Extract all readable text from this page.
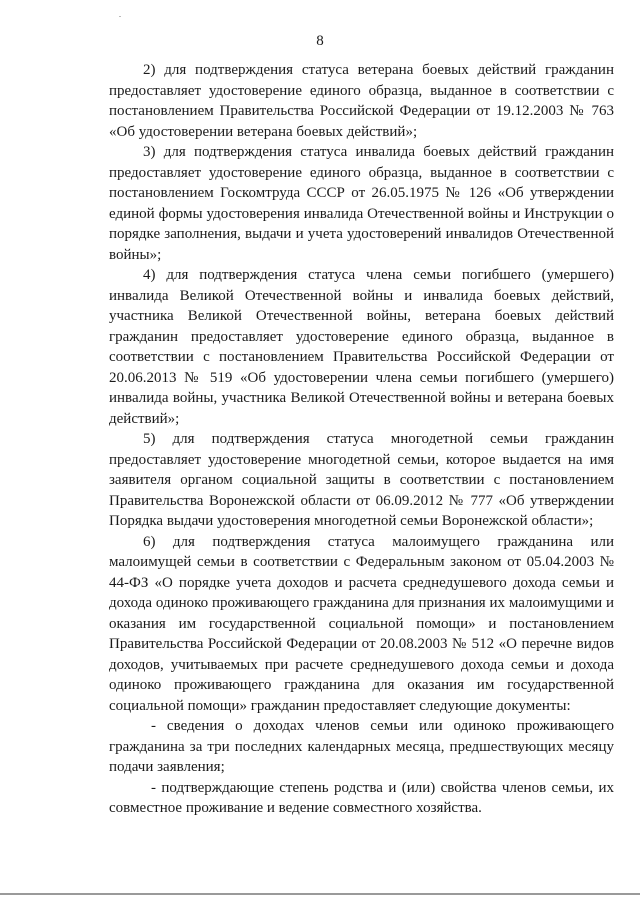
8

2) для подтверждения статуса ветерана боевых действий гражданин предоставляет удостоверение единого образца, выданное в соответствии с постановлением Правительства Российской Федерации от 19.12.2003 № 763 «Об удостоверении ветерана боевых действий»;

3) для подтверждения статуса инвалида боевых действий гражданин предоставляет удостоверение единого образца, выданное в соответствии с постановлением Госкомтруда СССР от 26.05.1975 № 126 «Об утверждении единой формы удостоверения инвалида Отечественной войны и Инструкции о порядке заполнения, выдачи и учета удостоверений инвалидов Отечественной войны»;

4) для подтверждения статуса члена семьи погибшего (умершего) инвалида Великой Отечественной войны и инвалида боевых действий, участника Великой Отечественной войны, ветерана боевых действий гражданин предоставляет удостоверение единого образца, выданное в соответствии с постановлением Правительства Российской Федерации от 20.06.2013 № 519 «Об удостоверении члена семьи погибшего (умершего) инвалида войны, участника Великой Отечественной войны и ветерана боевых действий»;

5) для подтверждения статуса многодетной семьи гражданин предоставляет удостоверение многодетной семьи, которое выдается на имя заявителя органом социальной защиты в соответствии с постановлением Правительства Воронежской области от 06.09.2012 № 777 «Об утверждении Порядка выдачи удостоверения многодетной семьи Воронежской области»;

6) для подтверждения статуса малоимущего гражданина или малоимущей семьи в соответствии с Федеральным законом от 05.04.2003 № 44-ФЗ «О порядке учета доходов и расчета среднедушевого дохода семьи и дохода одиноко проживающего гражданина для признания их малоимущими и оказания им государственной социальной помощи» и постановлением Правительства Российской Федерации от 20.08.2003 № 512 «О перечне видов доходов, учитываемых при расчете среднедушевого дохода семьи и дохода одиноко проживающего гражданина для оказания им государственной социальной помощи» гражданин предоставляет следующие документы:

- сведения о доходах членов семьи или одиноко проживающего гражданина за три последних календарных месяца, предшествующих месяцу подачи заявления;

- подтверждающие степень родства и (или) свойства членов семьи, их совместное проживание и ведение совместного хозяйства.
